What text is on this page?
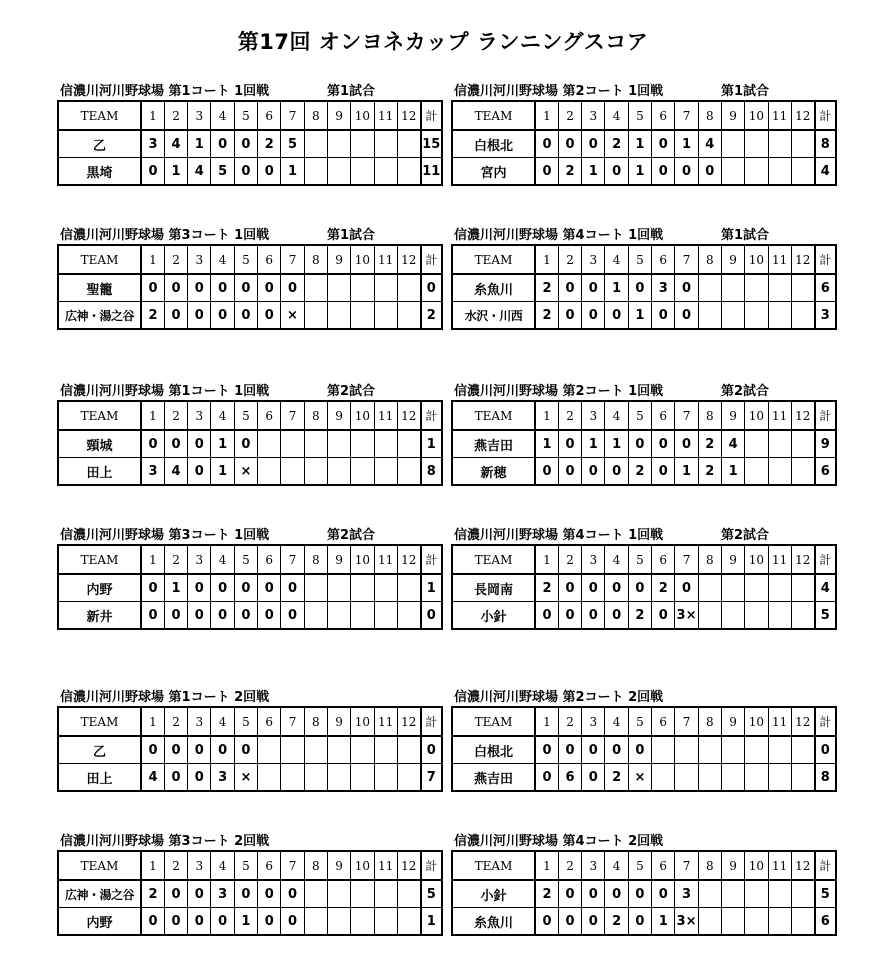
第17回 オンヨネカップ ランニングスコア
信濃川河川野球場 第1コート 1回戦	第1試合
TEAM	1	2	3	4	5	6	7	8	9	10	11	12	計
乙	3	4	1	0	0	2	5						15
黒埼	0	1	4	5	0	0	1						11
信濃川河川野球場 第2コート 1回戦	第1試合
TEAM	1	2	3	4	5	6	7	8	9	10	11	12	計
白根北	0	0	0	2	1	0	1	4					8
宮内	0	2	1	0	1	0	0	0					4
信濃川河川野球場 第3コート 1回戦	第1試合
TEAM	1	2	3	4	5	6	7	8	9	10	11	12	計
聖籠	0	0	0	0	0	0	0						0
広神・湯之谷	2	0	0	0	0	0	×						2
信濃川河川野球場 第4コート 1回戦	第1試合
TEAM	1	2	3	4	5	6	7	8	9	10	11	12	計
糸魚川	2	0	0	1	0	3	0						6
水沢・川西	2	0	0	0	1	0	0						3
信濃川河川野球場 第1コート 1回戦	第2試合
TEAM	1	2	3	4	5	6	7	8	9	10	11	12	計
頸城	0	0	0	1	0								1
田上	3	4	0	1	×								8
信濃川河川野球場 第2コート 1回戦	第2試合
TEAM	1	2	3	4	5	6	7	8	9	10	11	12	計
燕吉田	1	0	1	1	0	0	0	2	4				9
新穂	0	0	0	0	2	0	1	2	1				6
信濃川河川野球場 第3コート 1回戦	第2試合
TEAM	1	2	3	4	5	6	7	8	9	10	11	12	計
内野	0	1	0	0	0	0	0						1
新井	0	0	0	0	0	0	0						0
信濃川河川野球場 第4コート 1回戦	第2試合
TEAM	1	2	3	4	5	6	7	8	9	10	11	12	計
長岡南	2	0	0	0	0	2	0						4
小針	0	0	0	0	2	0	3×						5
信濃川河川野球場 第1コート 2回戦
TEAM	1	2	3	4	5	6	7	8	9	10	11	12	計
乙	0	0	0	0	0								0
田上	4	0	0	3	×								7
信濃川河川野球場 第2コート 2回戦
TEAM	1	2	3	4	5	6	7	8	9	10	11	12	計
白根北	0	0	0	0	0								0
燕吉田	0	6	0	2	×								8
信濃川河川野球場 第3コート 2回戦
TEAM	1	2	3	4	5	6	7	8	9	10	11	12	計
広神・湯之谷	2	0	0	3	0	0	0						5
内野	0	0	0	0	1	0	0						1
信濃川河川野球場 第4コート 2回戦
TEAM	1	2	3	4	5	6	7	8	9	10	11	12	計
小針	2	0	0	0	0	0	3						5
糸魚川	0	0	0	2	0	1	3×						6
